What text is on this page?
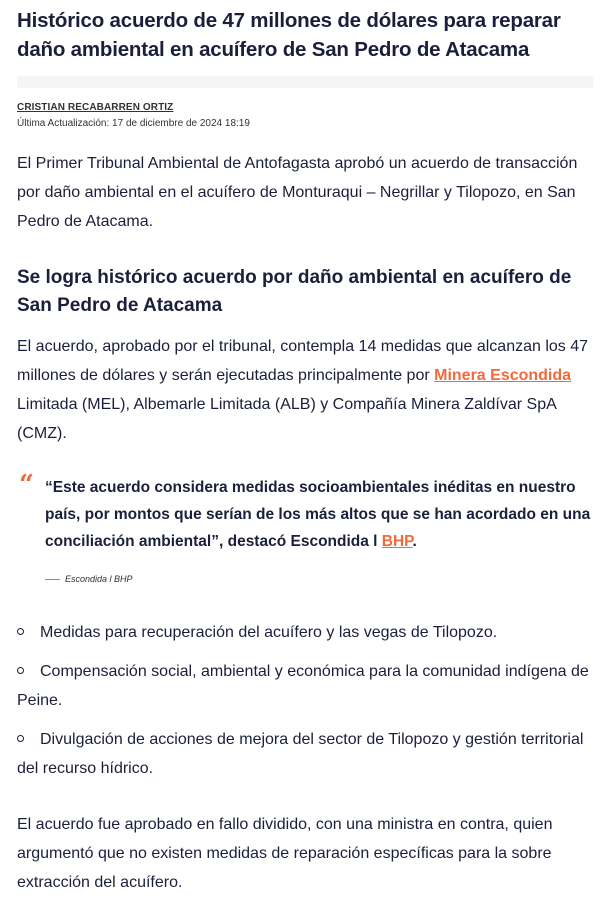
Histórico acuerdo de 47 millones de dólares para reparar daño ambiental en acuífero de San Pedro de Atacama
CRISTIAN RECABARREN ORTIZ
Última Actualización: 17 de diciembre de 2024 18:19

El Primer Tribunal Ambiental de Antofagasta aprobó un acuerdo de transacción por daño ambiental en el acuífero de Monturaqui – Negrillar y Tilopozo, en San Pedro de Atacama.

Se logra histórico acuerdo por daño ambiental en acuífero de San Pedro de Atacama

El acuerdo, aprobado por el tribunal, contempla 14 medidas que alcanzan los 47 millones de dólares y serán ejecutadas principalmente por Minera Escondida Limitada (MEL), Albemarle Limitada (ALB) y Compañía Minera Zaldívar SpA (CMZ).

“ “Este acuerdo considera medidas socioambientales inéditas en nuestro país, por montos que serían de los más altos que se han acordado en una conciliación ambiental”, destacó Escondida l BHP.
Escondida l BHP
Medidas para recuperación del acuífero y las vegas de Tilopozo.
Compensación social, ambiental y económica para la comunidad indígena de Peine.
Divulgación de acciones de mejora del sector de Tilopozo y gestión territorial del recurso hídrico.

El acuerdo fue aprobado en fallo dividido, con una ministra en contra, quien argumentó que no existen medidas de reparación específicas para la sobre extracción del acuífero.
